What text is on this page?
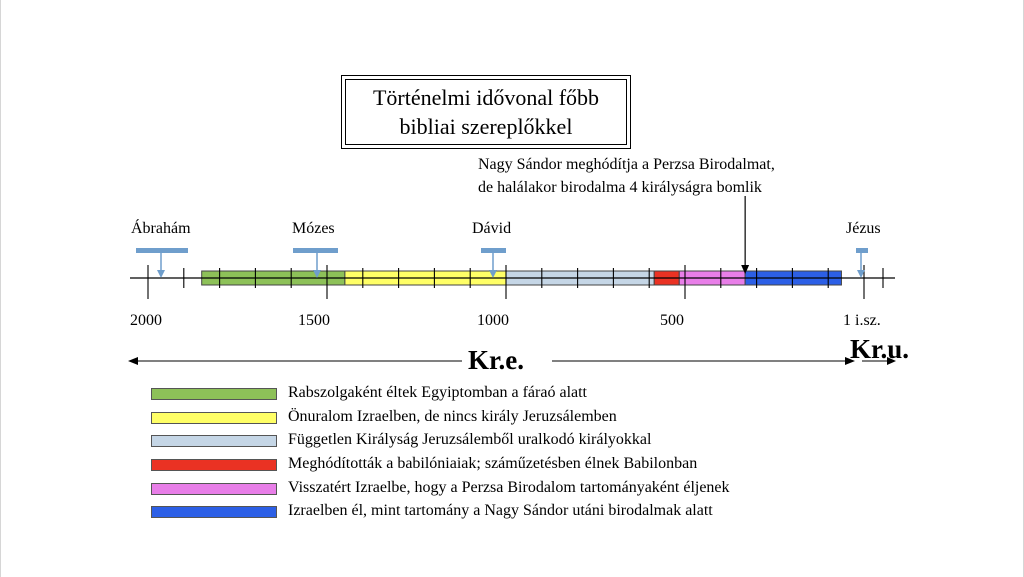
Történelmi idővonal főbb
bibliai szereplőkkel
Nagy Sándor meghódítja a Perzsa Birodalmat,
de halálakor birodalma 4 királyságra bomlik
Ábrahám	Mózes	Dávid	Jézus
2000	1500	1000	500	1 i.sz.
Kr.e.	Kr.u.
Rabszolgaként éltek Egyiptomban a fáraó alatt
Önuralom Izraelben, de nincs király Jeruzsálemben
Független Királyság Jeruzsálemből uralkodó királyokkal
Meghódították a babilóniaiak; száműzetésben élnek Babilonban
Visszatért Izraelbe, hogy a Perzsa Birodalom tartományaként éljenek
Izraelben él, mint tartomány a Nagy Sándor utáni birodalmak alatt
